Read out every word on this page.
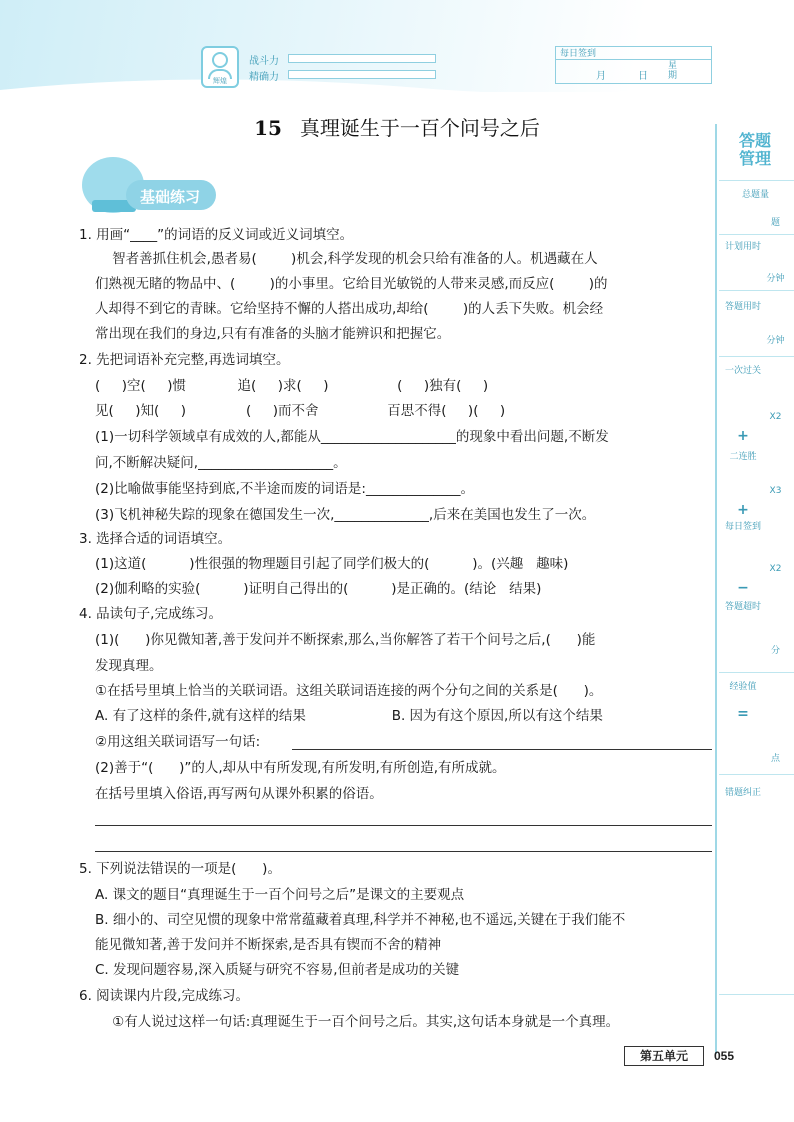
辉煌
战斗力
精确力
每日签到
月	日
星期
15 真理诞生于一百个问号之后
基础练习
答题管理
总题量
题
计划用时
分钟
答题用时
分钟
一次过关
X2
+
二连胜
X3
+
每日签到
X2
−
答题超时
分
经验值
=
点
错题纠正
1. 用画“____”的词语的反义词或近义词填空。
智者善抓住机会,愚者易(        )机会,科学发现的机会只给有准备的人。机遇藏在人
们熟视无睹的物品中、(        )的小事里。它给目光敏锐的人带来灵感,而反应(        )的
人却得不到它的青睐。它给坚持不懈的人搭出成功,却给(        )的人丢下失败。机会经
常出现在我们的身边,只有有准备的头脑才能辨识和把握它。
2. 先把词语补充完整,再选词填空。
(     )空(     )惯            追(     )求(     )                (     )独有(     )
见(     )知(     )              (     )而不舍                百思不得(     )(     )
(1)一切科学领域卓有成效的人,都能从____________________的现象中看出问题,不断发
问,不断解决疑问,____________________。
(2)比喻做事能坚持到底,不半途而废的词语是:______________。
(3)飞机神秘失踪的现象在德国发生一次,______________,后来在美国也发生了一次。
3. 选择合适的词语填空。
(1)这道(          )性很强的物理题目引起了同学们极大的(          )。(兴趣   趣味)
(2)伽利略的实验(          )证明自己得出的(          )是正确的。(结论   结果)
4. 品读句子,完成练习。
(1)(      )你见微知著,善于发问并不断探索,那么,当你解答了若干个问号之后,(      )能
发现真理。
①在括号里填上恰当的关联词语。这组关联词语连接的两个分句之间的关系是(      )。
A. 有了这样的条件,就有这样的结果                    B. 因为有这个原因,所以有这个结果
②用这组关联词语写一句话:
(2)善于“(      )”的人,却从中有所发现,有所发明,有所创造,有所成就。
在括号里填入俗语,再写两句从课外积累的俗语。
5. 下列说法错误的一项是(      )。
A. 课文的题目“真理诞生于一百个问号之后”是课文的主要观点
B. 细小的、司空见惯的现象中常常蕴藏着真理,科学并不神秘,也不遥远,关键在于我们能不
能见微知著,善于发问并不断探索,是否具有锲而不舍的精神
C. 发现问题容易,深入质疑与研究不容易,但前者是成功的关键
6. 阅读课内片段,完成练习。
①有人说过这样一句话:真理诞生于一百个问号之后。其实,这句话本身就是一个真理。
第五单元	055
